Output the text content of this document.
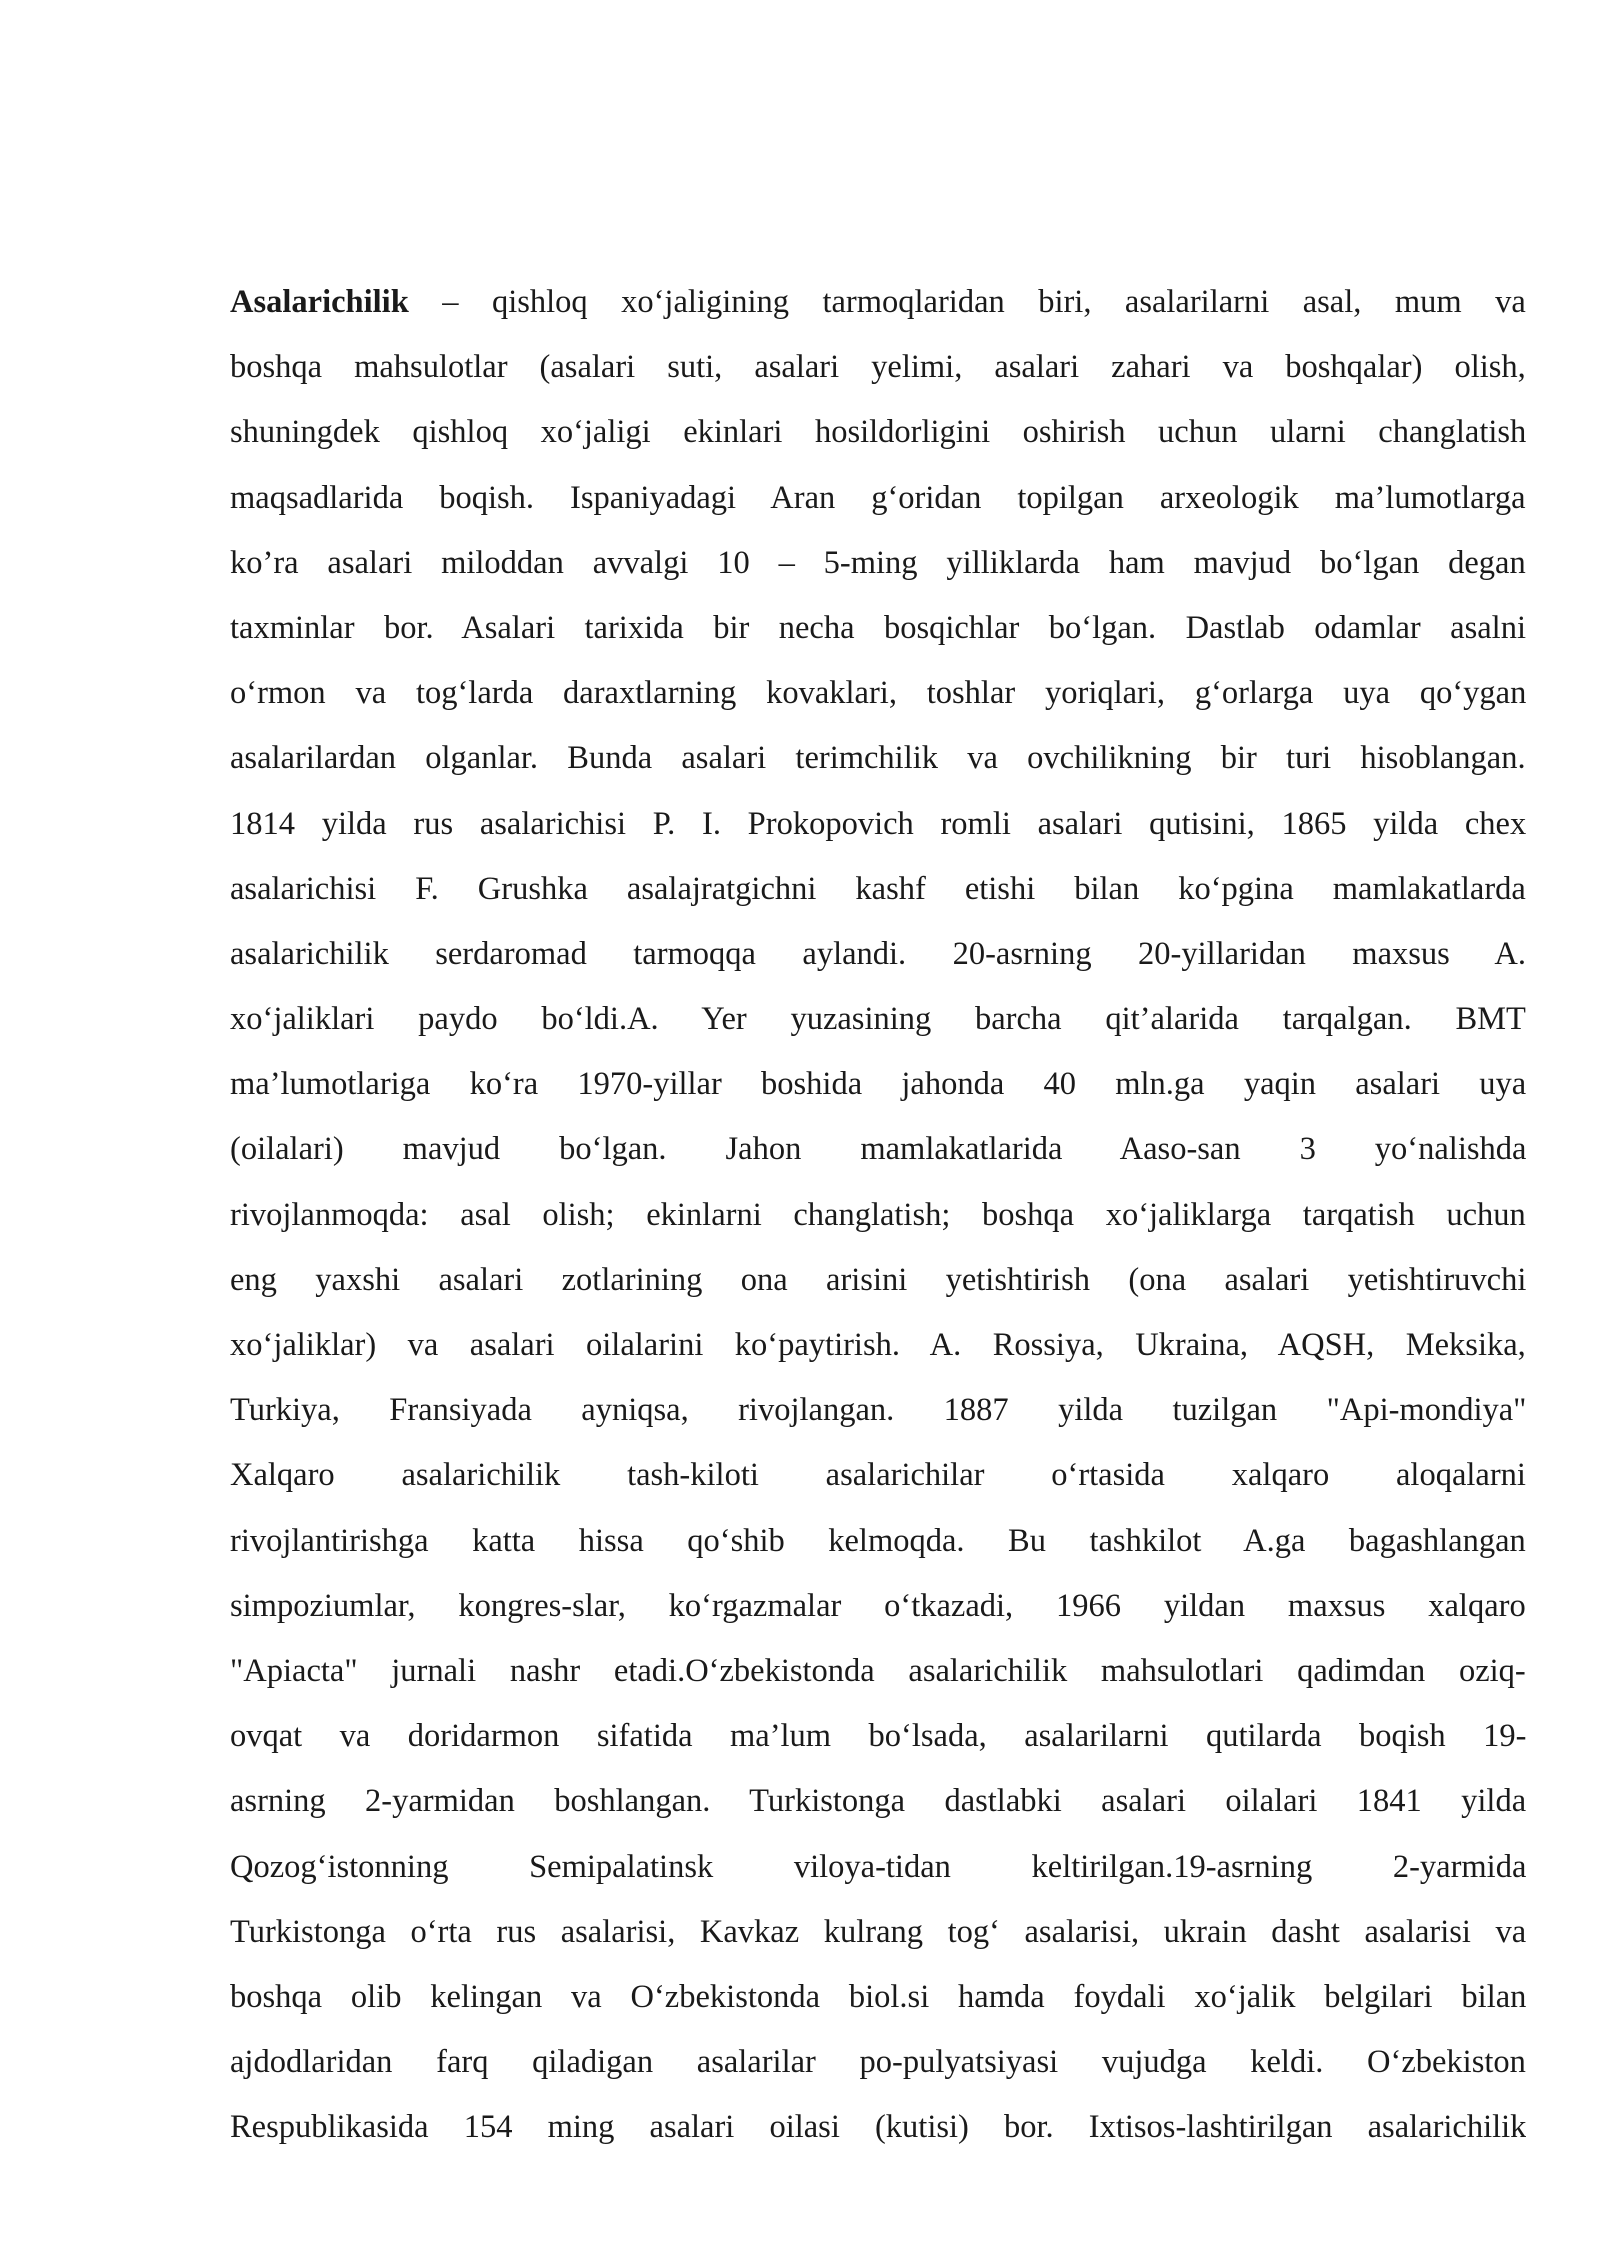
Asalarichilik – qishloq xo‘jaligining tarmoqlaridan biri, asalarilarni asal, mum va
boshqa mahsulotlar (asalari suti, asalari yelimi, asalari zahari va boshqalar) olish,
shuningdek qishloq xo‘jaligi ekinlari hosildorligini oshirish uchun ularni changlatish
maqsadlarida boqish. Ispaniyadagi Aran g‘oridan topilgan arxeologik ma’lumotlarga
ko’ra asalari miloddan avvalgi 10 – 5-ming yilliklarda ham mavjud bo‘lgan degan
taxminlar bor. Asalari tarixida bir necha bosqichlar bo‘lgan. Dastlab odamlar asalni
o‘rmon va tog‘larda daraxtlarning kovaklari, toshlar yoriqlari, g‘orlarga uya qo‘ygan
asalarilardan olganlar. Bunda asalari terimchilik va ovchilikning bir turi hisoblangan.
1814 yilda rus asalarichisi P. I. Prokopovich romli asalari qutisini, 1865 yilda chex
asalarichisi F. Grushka asalajratgichni kashf etishi bilan ko‘pgina mamlakatlarda
asalarichilik serdaromad tarmoqqa aylandi. 20-asrning 20-yillaridan maxsus A.
xo‘jaliklari paydo bo‘ldi.A. Yer yuzasining barcha qit’alarida tarqalgan. BMT
ma’lumotlariga ko‘ra 1970-yillar boshida jahonda 40 mln.ga yaqin asalari uya
(oilalari) mavjud bo‘lgan. Jahon mamlakatlarida Aaso-san 3 yo‘nalishda
rivojlanmoqda: asal olish; ekinlarni changlatish; boshqa xo‘jaliklarga tarqatish uchun
eng yaxshi asalari zotlarining ona arisini yetishtirish (ona asalari yetishtiruvchi
xo‘jaliklar) va asalari oilalarini ko‘paytirish. A. Rossiya, Ukraina, AQSH, Meksika,
Turkiya, Fransiyada ayniqsa, rivojlangan. 1887 yilda tuzilgan "Api-mondiya"
Xalqaro asalarichilik tash-kiloti asalarichilar o‘rtasida xalqaro aloqalarni
rivojlantirishga katta hissa qo‘shib kelmoqda. Bu tashkilot A.ga bagashlangan
simpoziumlar, kongres-slar, ko‘rgazmalar o‘tkazadi, 1966 yildan maxsus xalqaro
"Apiacta" jurnali nashr etadi.O‘zbekistonda asalarichilik mahsulotlari qadimdan oziq-
ovqat va doridarmon sifatida ma’lum bo‘lsada, asalarilarni qutilarda boqish 19-
asrning 2-yarmidan boshlangan. Turkistonga dastlabki asalari oilalari 1841 yilda
Qozog‘istonning Semipalatinsk viloya-tidan keltirilgan.19-asrning 2-yarmida
Turkistonga o‘rta rus asalarisi, Kavkaz kulrang tog‘ asalarisi, ukrain dasht asalarisi va
boshqa olib kelingan va O‘zbekistonda biol.si hamda foydali xo‘jalik belgilari bilan
ajdodlaridan farq qiladigan asalarilar po-pulyatsiyasi vujudga keldi. O‘zbekiston
Respublikasida 154 ming asalari oilasi (kutisi) bor. Ixtisos-lashtirilgan asalarichilik
